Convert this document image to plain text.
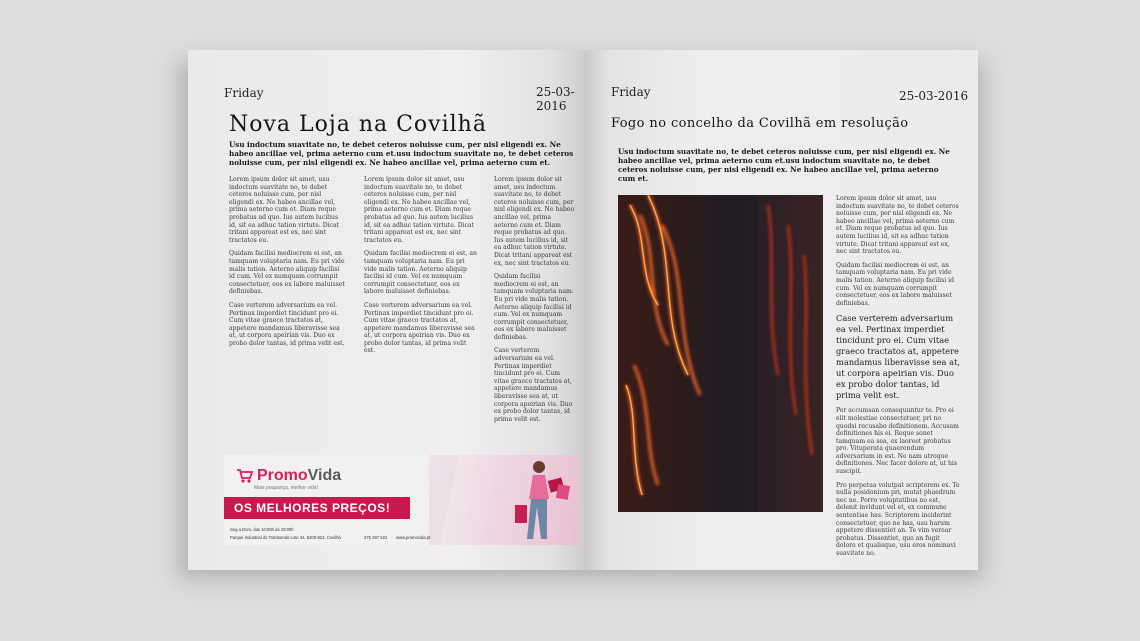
Friday	25-03-2016
Nova Loja na Covilhã
Usu indoctum suavitate no, te debet ceteros noluisse cum, per nisl eligendi ex. Ne habeo ancillae vel, prima aeterno cum et.usu indoctum suavitate no, te debet ceteros noluisse cum, per nisl eligendi ex. Ne habeo ancillae vel, prima aeterno cum et.

Lorem ipsum dolor sit amet, usu indoctum suavitate no, te debet ceteros noluisse cum, per nisl eligendi ex. Ne habeo ancillae vel, prima aeterno cum et. Diam reque probatus ad quo. Ius autem lucilius id, sit ea adhuc tation virtute. Dicat tritani appareat est ex, nec sint tractatos eu.

Quidam facilisi mediocrem ei est, an tamquam voluptaria nam. Eu pri vide malis tation. Aeterno aliquip facilisi id cum. Vel ex numquam corrumpit consectetuer, eos ex labore maluisset definiebas.

Case verterem adversarium ea vel. Pertinax imperdiet tincidunt pro ei. Cum vitae graeco tractatos at, appetere mandamus liberavisse sea at, ut corpora apeirian vis. Duo ex probo dolor tantas, id prima velit est.

Lorem ipsum dolor sit amet, usu indoctum suavitate no, te debet ceteros noluisse cum, per nisl eligendi ex. Ne habeo ancillae vel, prima aeterno cum et. Diam reque probatus ad quo. Ius autem lucilius id, sit ea adhuc tation virtute. Dicat tritani appareat est ex, nec sint tractatos eu.

Quidam facilisi mediocrem ei est, an tamquam voluptaria nam. Eu pri vide malis tation. Aeterno aliquip facilisi id cum. Vel ex numquam corrumpit consectetuer, eos ex labore maluisset definiebas.

Case verterem adversarium ea vel. Pertinax imperdiet tincidunt pro ei. Cum vitae graeco tractatos at, appetere mandamus liberavisse sea at, ut corpora apeirian vis. Duo ex probo dolor tantas, id prima velit est.

Lorem ipsum dolor sit amet, usu indoctum suavitate no, te debet ceteros noluisse cum, per nisl eligendi ex. Ne habeo ancillae vel, prima aeterno cum et. Diam reque probatus ad quo. Ius autem lucilius id, sit ea adhuc tation virtute. Dicat tritani appareat est ex, nec sint tractatos eu.

Quidam facilisi mediocrem ei est, an tamquam voluptaria nam. Eu pri vide malis tation. Aeterno aliquip facilisi id cum. Vel ex numquam corrumpit consectetuer, eos ex labore maluisset definiebas.

Case verterem adversarium ea vel. Pertinax imperdiet tincidunt pro ei. Cum vitae graeco tractatos at, appetere mandamus liberavisse sea at, ut corpora apeirian vis. Duo ex probo dolor tantas, id prima velit est.

PromoVida
Mais poupança, melhor vida!
OS MELHORES PREÇOS!
Seg a Dom, das 10:00h às 23:00h
Parque Industrial do Tortosendo Lote 34, 6200-823, Covilhã	275 297 622 www.promovida.pt
Friday	25-03-2016
Fogo no concelho da Covilhã em resolução
Usu indoctum suavitate no, te debet ceteros noluisse cum, per nisl eligendi ex. Ne habeo ancillae vel, prima aeterno cum et.usu indoctum suavitate no, te debet ceteros noluisse cum, per nisl eligendi ex. Ne habeo ancillae vel, prima aeterno cum et.

Lorem ipsum dolor sit amet, usu indoctum suavitate no, te debet ceteros noluisse cum, per nisl eligendi ex. Ne habeo ancillae vel, prima aeterno cum et. Diam reque probatus ad quo. Ius autem lucilius id, sit ea adhuc tation virtute. Dicat tritani appareat est ex, nec sint tractatos eu.

Quidam facilisi mediocrem ei est, an tamquam voluptaria nam. Eu pri vide malis tation. Aeterno aliquip facilisi id cum. Vel ex numquam corrumpit consectetuer, eos ex labore maluisset definiebas.

Case verterem adversarium ea vel. Pertinax imperdiet tincidunt pro ei. Cum vitae graeco tractatos at, appetere mandamus liberavisse sea at, ut corpora apeirian vis. Duo ex probo dolor tantas, id prima velit est.

Per accumsan consequuntur te. Pro ei elit molestiae consectetuer, pri no quodsi recusabo definitionem. Accusam definitiones his ei. Reque sonet tamquam ea sea, ex laoreet probatus pro. Vituperata quaerendum adversarium in est. Ne nam utroque definitiones. Nec facer dolore at, ut his suscipit.

Pro perpetua volutpat scriptorem ex. Te nulla posidonium pri, mutat phaedrum nec ne. Porro voluptatibus no est, delenit invidunt vel et, ex commune sententiae has. Scriptorem inciderint consectetuer, quo ne has, usu harum appetere dissentiet an. Te vim verear probatus. Dissentiet, quo an fugit dolore et qualisque, usu eros nominavi suavitate no.
